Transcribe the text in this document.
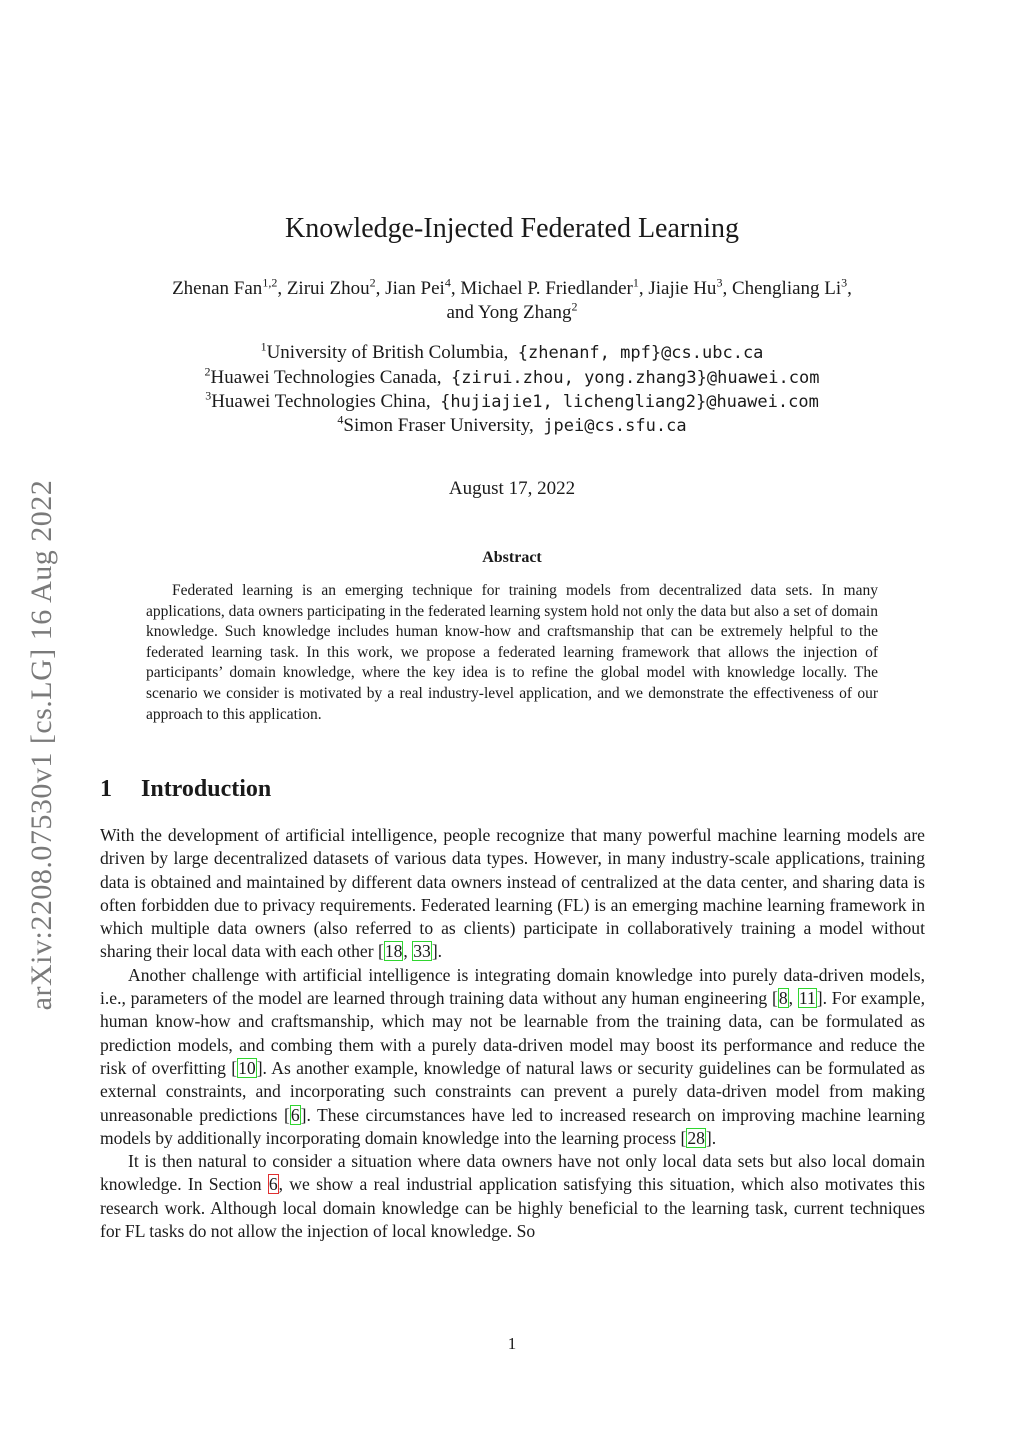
arXiv:2208.07530v1 [cs.LG] 16 Aug 2022
Knowledge-Injected Federated Learning
Zhenan Fan$^{1,2}$, Zirui Zhou$^2$, Jian Pei$^4$, Michael P. Friedlander$^1$, Jiajie Hu$^3$, Chengliang Li$^3$,
and Yong Zhang$^2$
$^1$University of British Columbia, {zhenanf, mpf}@cs.ubc.ca
$^2$Huawei Technologies Canada, {zirui.zhou, yong.zhang3}@huawei.com
$^3$Huawei Technologies China, {hujiajie1, lichengliang2}@huawei.com
$^4$Simon Fraser University, jpei@cs.sfu.ca
August 17, 2022
Abstract
Federated learning is an emerging technique for training models from decentralized data sets. In many applications, data owners participating in the federated learning system hold not only the data but also a set of domain knowledge. Such knowledge includes human know-how and craftsmanship that can be extremely helpful to the federated learning task. In this work, we propose a federated learning framework that allows the injection of participants’ domain knowledge, where the key idea is to refine the global model with knowledge locally. The scenario we consider is motivated by a real industry-level application, and we demonstrate the effectiveness of our approach to this application.
1 Introduction

With the development of artificial intelligence, people recognize that many powerful machine learning models are driven by large decentralized datasets of various data types. However, in many industry-scale applications, training data is obtained and maintained by different data owners instead of centralized at the data center, and sharing data is often forbidden due to privacy requirements. Federated learning (FL) is an emerging machine learning framework in which multiple data owners (also referred to as clients) participate in collaboratively training a model without sharing their local data with each other [18, 33].

Another challenge with artificial intelligence is integrating domain knowledge into purely data-driven models, i.e., parameters of the model are learned through training data without any human engineering [8, 11]. For example, human know-how and craftsmanship, which may not be learnable from the training data, can be formulated as prediction models, and combing them with a purely data-driven model may boost its performance and reduce the risk of overfitting [10]. As another example, knowledge of natural laws or security guidelines can be formulated as external constraints, and incorporating such constraints can prevent a purely data-driven model from making unreasonable predictions [6]. These circumstances have led to increased research on improving machine learning models by additionally incorporating domain knowledge into the learning process [28].

It is then natural to consider a situation where data owners have not only local data sets but also local domain knowledge. In Section 6, we show a real industrial application satisfying this situation, which also motivates this research work. Although local domain knowledge can be highly beneficial to the learning task, current techniques for FL tasks do not allow the injection of local knowledge. So

1
